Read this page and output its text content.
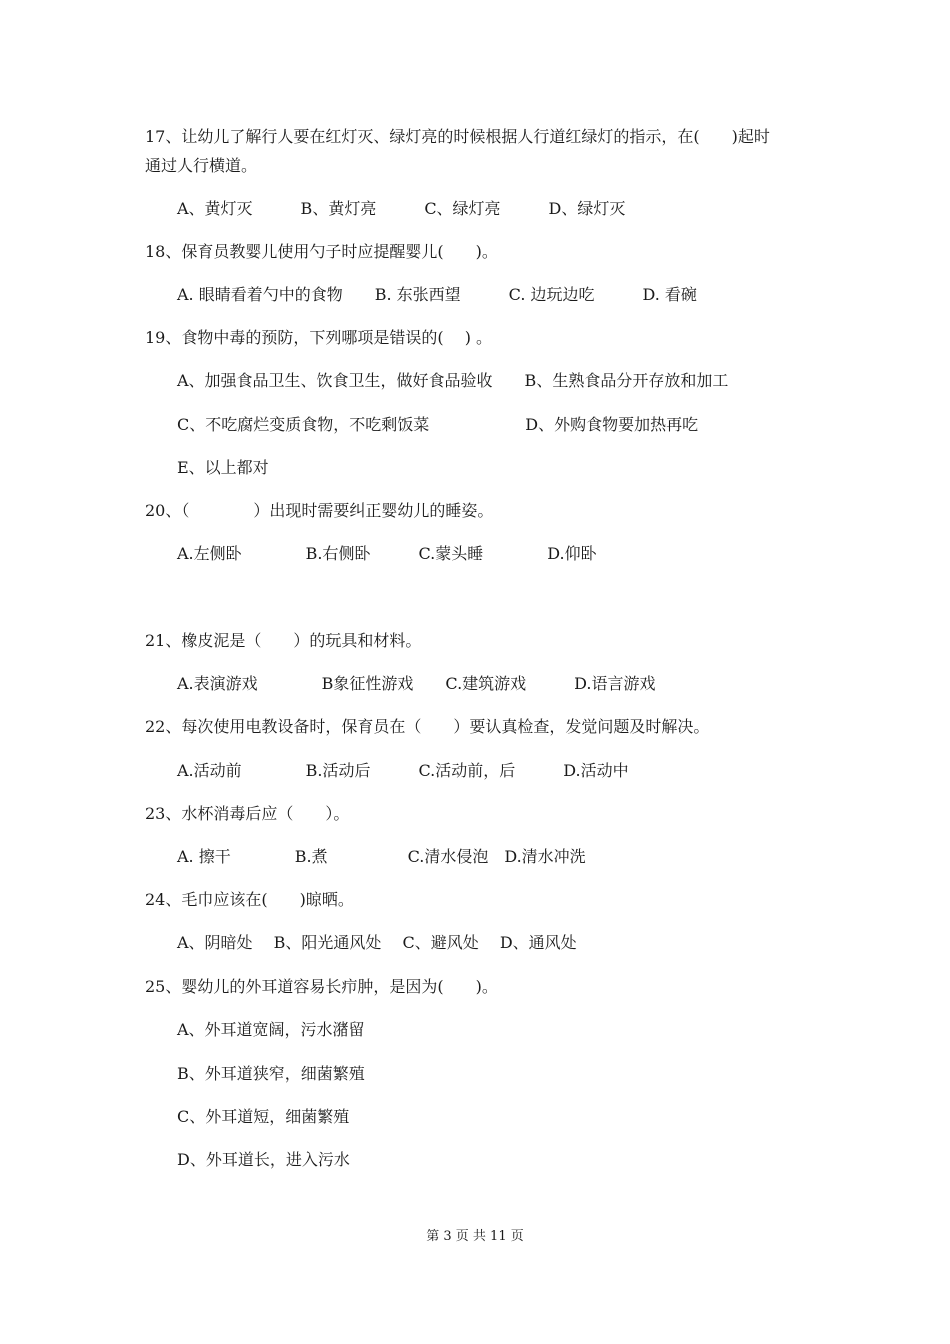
17、让幼儿了解行人要在红灯灭、绿灯亮的时候根据人行道红绿灯的指示，在(　　)起时
通过人行横道。
A、黄灯灭　　　B、黄灯亮　　　C、绿灯亮　　　D、绿灯灭
18、保育员教婴儿使用勺子时应提醒婴儿(　　)。
A. 眼睛看着勺中的食物　　B. 东张西望　　　C. 边玩边吃　　　D. 看碗
19、食物中毒的预防，下列哪项是错误的(　 ) 。
A、加强食品卫生、饮食卫生，做好食品验收　　B、生熟食品分开存放和加工
C、不吃腐烂变质食物，不吃剩饭菜　　　　　　D、外购食物要加热再吃
E、以上都对
20、（　　　　）出现时需要纠正婴幼儿的睡姿。
A.左侧卧　　　　B.右侧卧　　　C.蒙头睡　　　　D.仰卧
21、橡皮泥是（　　）的玩具和材料。
A.表演游戏　　　　B象征性游戏　　C.建筑游戏　　　D.语言游戏
22、每次使用电教设备时，保育员在（　　）要认真检查，发觉问题及时解决。
A.活动前　　　　B.活动后　　　C.活动前，后　　　D.活动中
23、水杯消毒后应（　　）。
A. 擦干　　　　B.煮　　　　　C.清水侵泡　D.清水冲洗
24、毛巾应该在(　　)晾晒。
A、阴暗处　 B、阳光通风处　 C、避风处　 D、通风处
25、婴幼儿的外耳道容易长疖肿，是因为(　　)。
A、外耳道宽阔，污水潴留
B、外耳道狭窄，细菌繁殖
C、外耳道短，细菌繁殖
D、外耳道长，进入污水
第 3 页 共 11 页
